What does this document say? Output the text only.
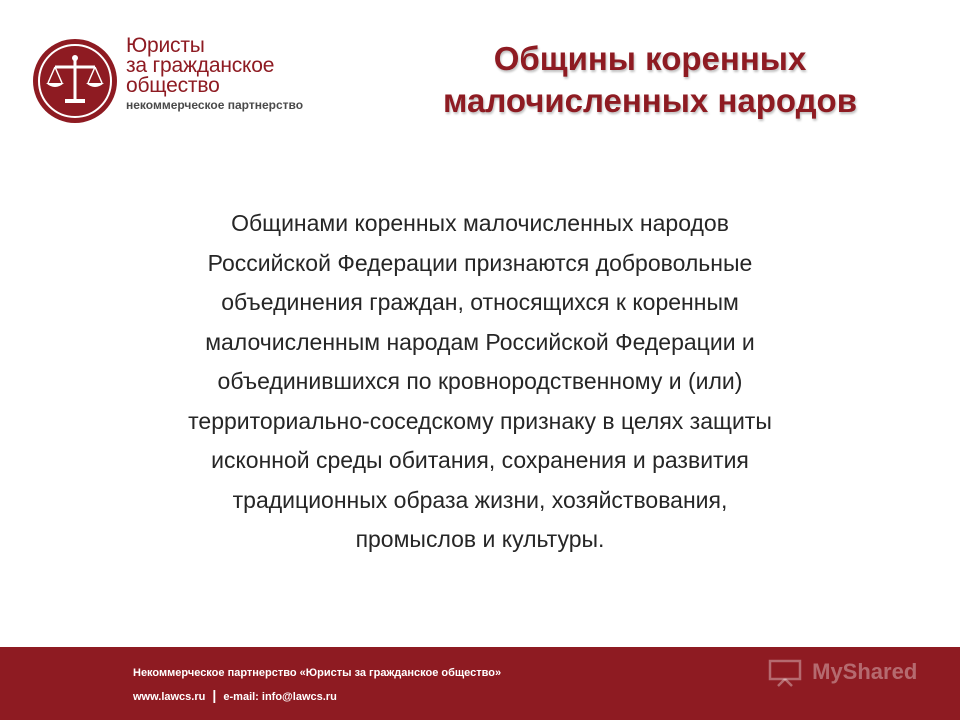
Юристы
за гражданское
общество
некоммерческое партнерство
Общины коренных
малочисленных народов
Общинами коренных малочисленных народов
Российской Федерации признаются добровольные
объединения граждан, относящихся к коренным
малочисленным народам Российской Федерации и
объединившихся по кровнородственному и (или)
территориально-соседскому признаку в целях защиты
исконной среды обитания, сохранения и развития
традиционных образа жизни, хозяйствования,
промыслов и культуры.
Некоммерческое партнерство «Юристы за гражданское общество»
www.lawcs.ru | e-mail: info@lawcs.ru
MyShared
